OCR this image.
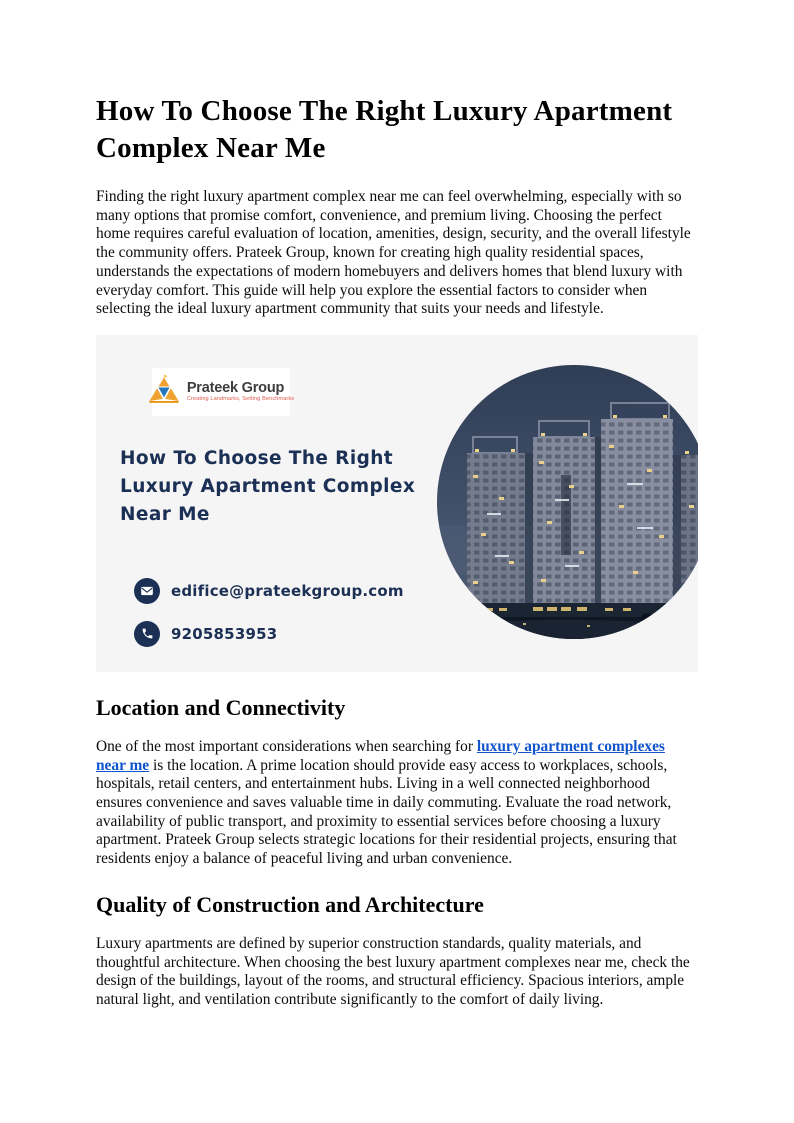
How To Choose The Right Luxury Apartment Complex Near Me

Finding the right luxury apartment complex near me can feel overwhelming, especially with so many options that promise comfort, convenience, and premium living. Choosing the perfect home requires careful evaluation of location, amenities, design, security, and the overall lifestyle the community offers. Prateek Group, known for creating high quality residential spaces, understands the expectations of modern homebuyers and delivers homes that blend luxury with everyday comfort. This guide will help you explore the essential factors to consider when selecting the ideal luxury apartment community that suits your needs and lifestyle.

Prateek Group
Creating Landmarks, Setting Benchmarks
How To Choose The Right Luxury Apartment Complex Near Me
edifice@prateekgroup.com
9205853953
Location and Connectivity

One of the most important considerations when searching for luxury apartment complexes near me is the location. A prime location should provide easy access to workplaces, schools, hospitals, retail centers, and entertainment hubs. Living in a well connected neighborhood ensures convenience and saves valuable time in daily commuting. Evaluate the road network, availability of public transport, and proximity to essential services before choosing a luxury apartment. Prateek Group selects strategic locations for their residential projects, ensuring that residents enjoy a balance of peaceful living and urban convenience.

Quality of Construction and Architecture

Luxury apartments are defined by superior construction standards, quality materials, and thoughtful architecture. When choosing the best luxury apartment complexes near me, check the design of the buildings, layout of the rooms, and structural efficiency. Spacious interiors, ample natural light, and ventilation contribute significantly to the comfort of daily living.
